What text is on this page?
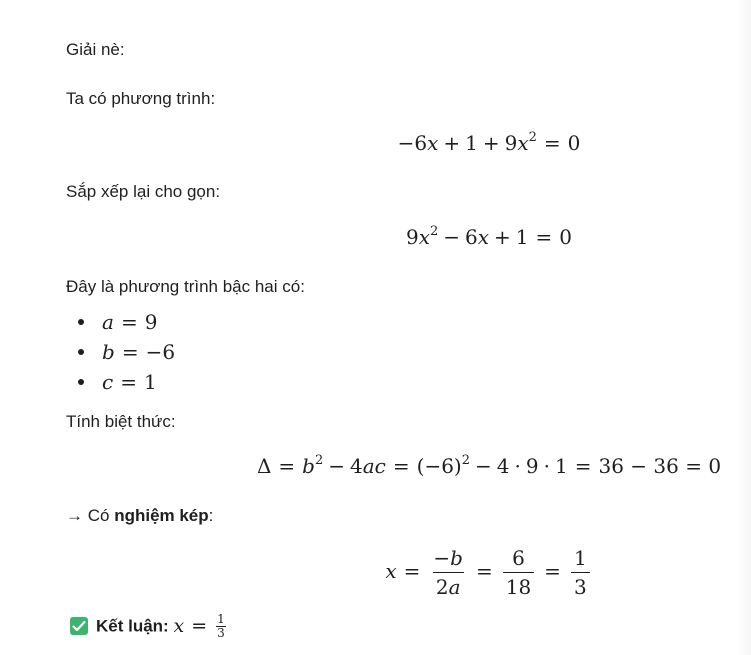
Giải nè:
Ta có phương trình:
$-6x + 1 + 9x^2 = 0$
Sắp xếp lại cho gọn:
$9x^2 - 6x + 1 = 0$
Đây là phương trình bậc hai có:
a = 9
b = −6
c = 1
Tính biệt thức:
$\Delta = b^2 - 4ac = (-6)^2 - 4 \cdot 9 \cdot 1 = 36 - 36 = 0$
→ Có nghiệm kép:
$x = \frac{-b}{2a} = \frac{6}{18} = \frac{1}{3}$
Kết luận: $x = \frac{1}{3}$
